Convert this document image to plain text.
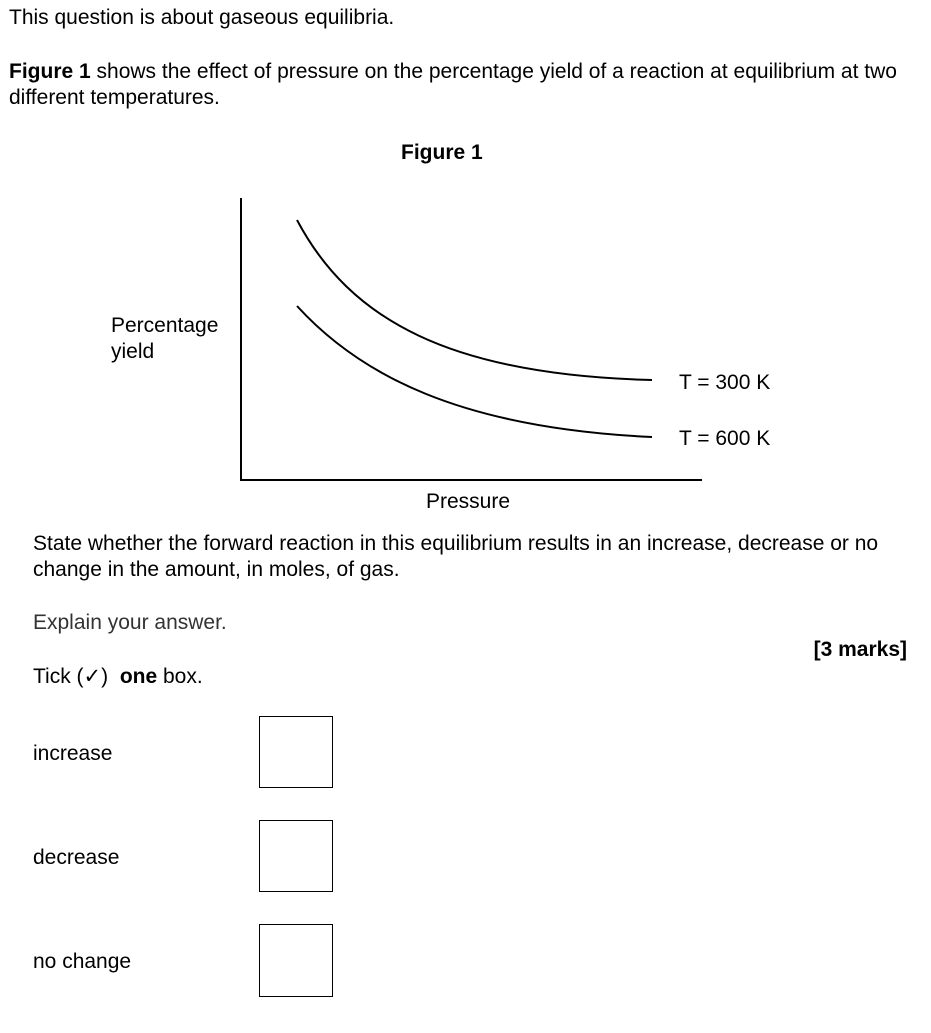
This question is about gaseous equilibria.
Figure 1 shows the effect of pressure on the percentage yield of a reaction at equilibrium at two different temperatures.
Figure 1
Percentage
yield
T = 300 K
T = 600 K
Pressure
State whether the forward reaction in this equilibrium results in an increase, decrease or no change in the amount, in moles, of gas.
Explain your answer.
[3 marks]
Tick (✓)  one box.
increase
decrease
no change
